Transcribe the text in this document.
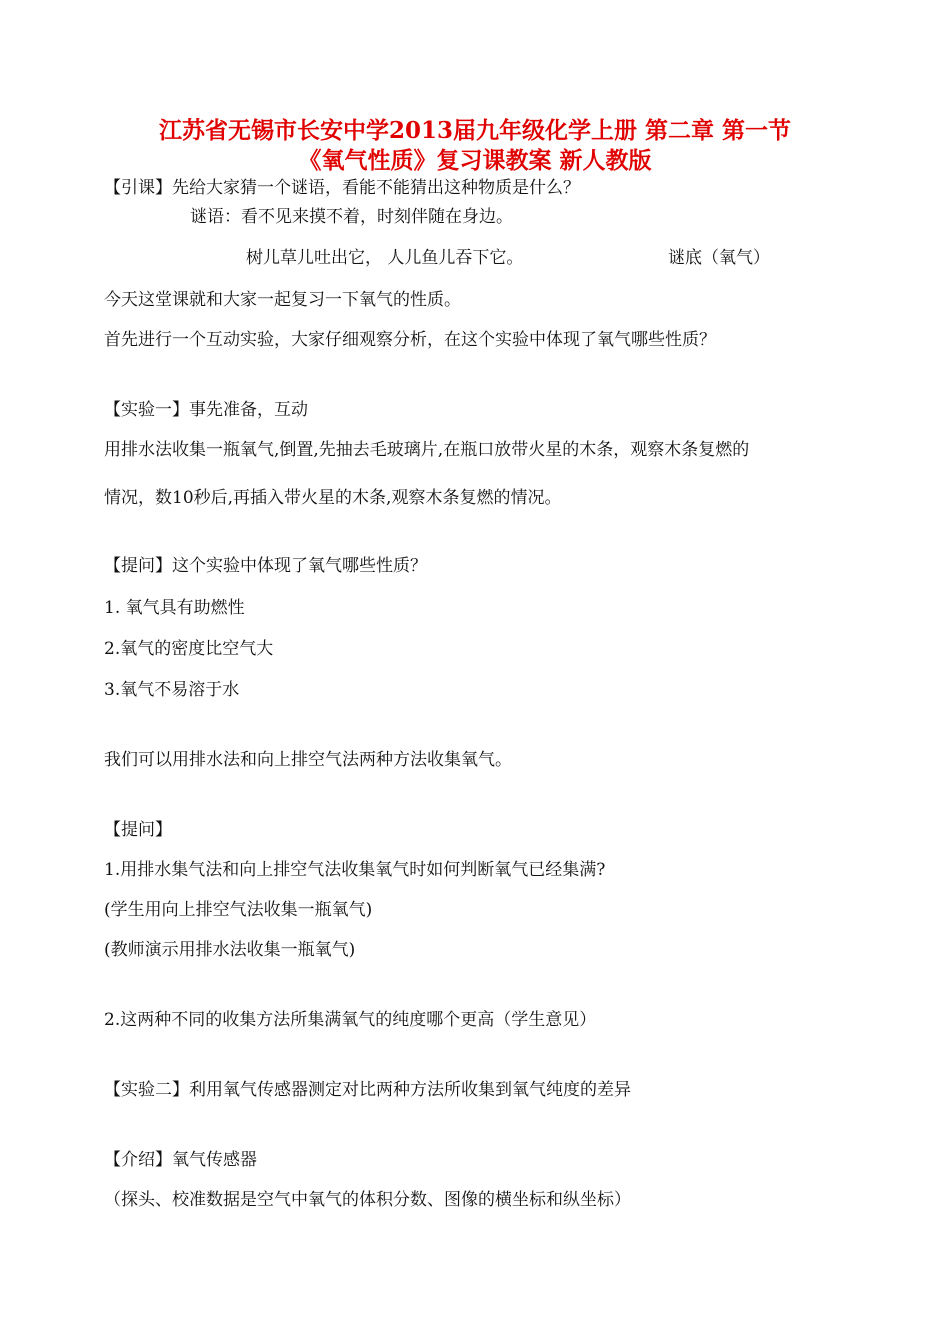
江苏省无锡市长安中学2013届九年级化学上册 第二章 第一节
《氧气性质》复习课教案 新人教版
【引课】先给大家猜一个谜语，看能不能猜出这种物质是什么？
谜语：看不见来摸不着，时刻伴随在身边。
树儿草儿吐出它， 人儿鱼儿吞下它。	谜底（氧气）
今天这堂课就和大家一起复习一下氧气的性质。
首先进行一个互动实验，大家仔细观察分析，在这个实验中体现了氧气哪些性质？
【实验一】事先准备，互动
用排水法收集一瓶氧气,倒置,先抽去毛玻璃片,在瓶口放带火星的木条，观察木条复燃的
情况，数10秒后,再插入带火星的木条,观察木条复燃的情况。
【提问】这个实验中体现了氧气哪些性质？
1. 氧气具有助燃性
2.氧气的密度比空气大
3.氧气不易溶于水
我们可以用排水法和向上排空气法两种方法收集氧气。
【提问】
1.用排水集气法和向上排空气法收集氧气时如何判断氧气已经集满?
(学生用向上排空气法收集一瓶氧气)
(教师演示用排水法收集一瓶氧气)
2.这两种不同的收集方法所集满氧气的纯度哪个更高（学生意见）
【实验二】利用氧气传感器测定对比两种方法所收集到氧气纯度的差异
【介绍】氧气传感器
（探头、校准数据是空气中氧气的体积分数、图像的横坐标和纵坐标）
